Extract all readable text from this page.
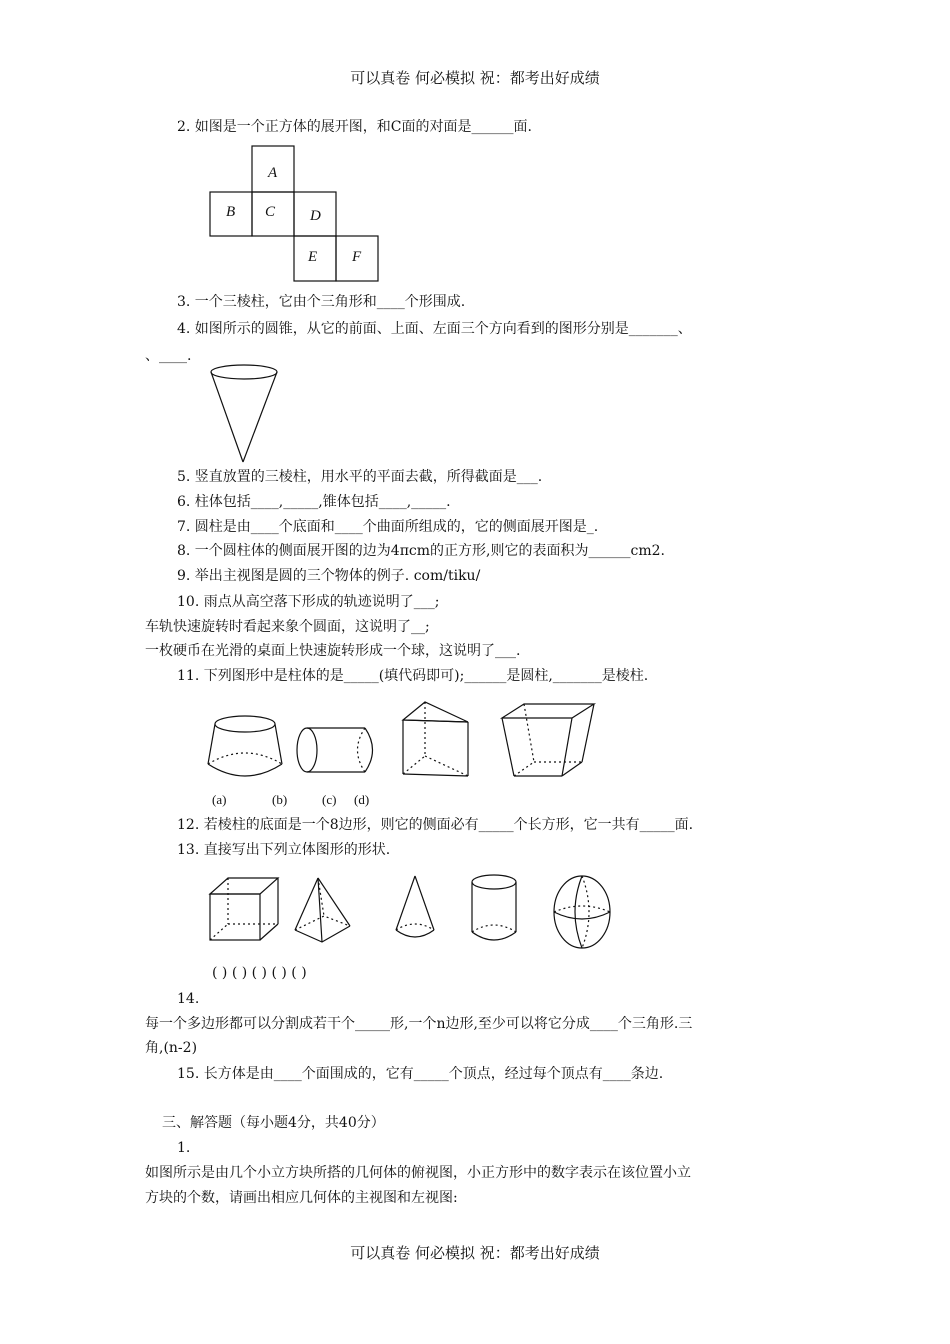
可以真卷 何必模拟 祝：都考出好成绩
2. 如图是一个正方体的展开图，和C面的对面是______面.
A
B C D
E F
3. 一个三棱柱，它由个三角形和____个形围成.
4. 如图所示的圆锥，从它的前面、上面、左面三个方向看到的图形分别是_______、
、____.
5. 竖直放置的三棱柱，用水平的平面去截，所得截面是___.
6. 柱体包括____,_____,锥体包括____,_____.
7. 圆柱是由____个底面和____个曲面所组成的，它的侧面展开图是_.
8. 一个圆柱体的侧面展开图的边为4πcm的正方形,则它的表面积为______cm2.
9. 举出主视图是圆的三个物体的例子. com/tiku/
10. 雨点从高空落下形成的轨迹说明了___;
车轨快速旋转时看起来象个圆面，这说明了__;
一枚硬币在光滑的桌面上快速旋转形成一个球，这说明了___.
11. 下列图形中是柱体的是_____(填代码即可);______是圆柱,_______是棱柱.
(a)	(b)	(c) (d)
12. 若棱柱的底面是一个8边形，则它的侧面必有_____个长方形，它一共有_____面.
13. 直接写出下列立体图形的形状.
( ) ( ) ( ) ( ) ( )
14.
每一个多边形都可以分割成若干个_____形,一个n边形,至少可以将它分成____个三角形.三
角,(n-2)
15. 长方体是由____个面围成的，它有_____个顶点，经过每个顶点有____条边.
三、解答题（每小题4分，共40分）
1.
如图所示是由几个小立方块所搭的几何体的俯视图，小正方形中的数字表示在该位置小立
方块的个数，请画出相应几何体的主视图和左视图:
可以真卷 何必模拟 祝：都考出好成绩
